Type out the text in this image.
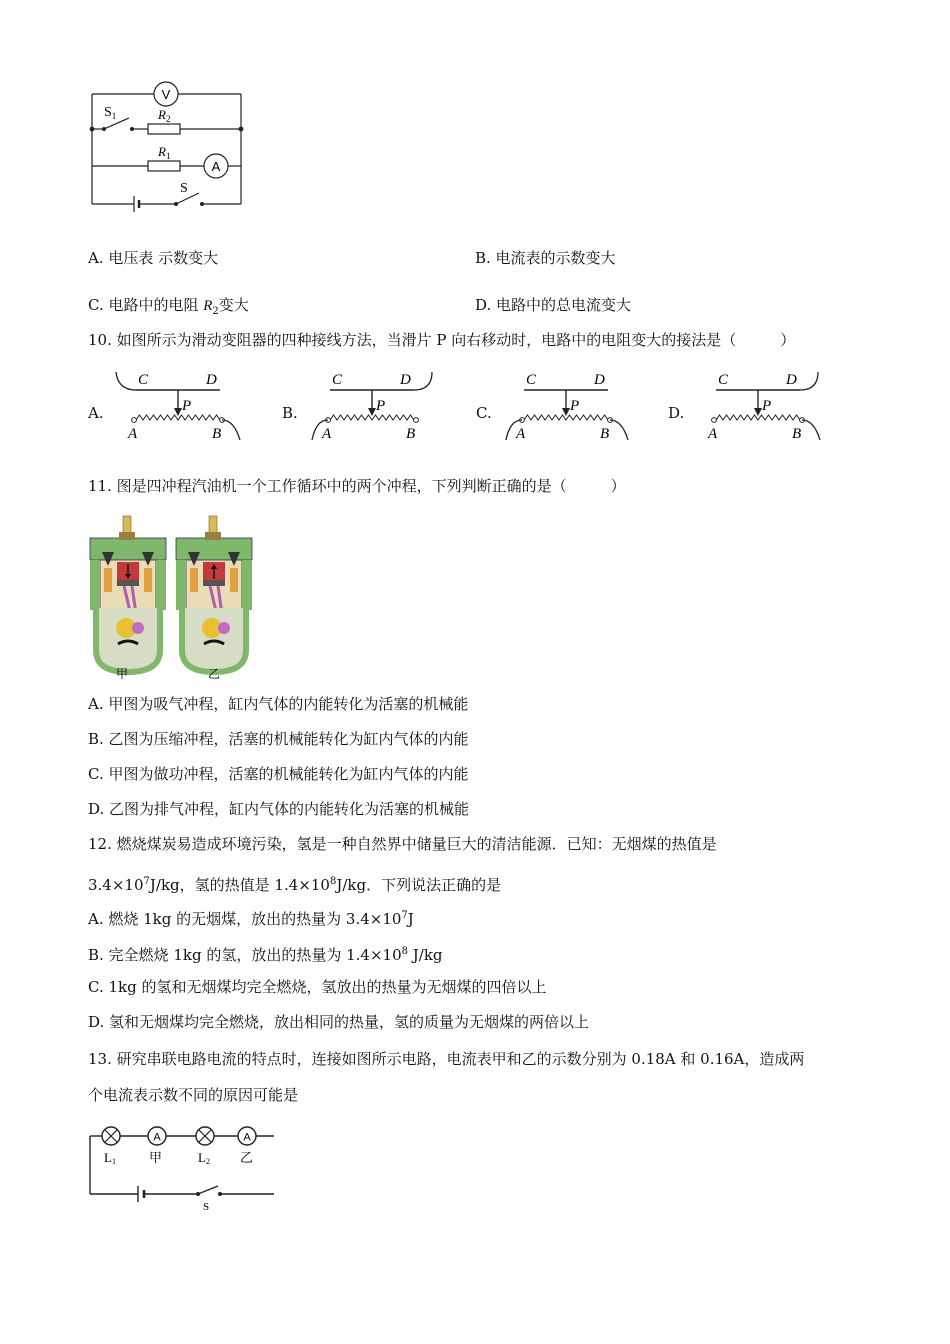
V
A
$S_1$	$R_2$
$R_1$
S
A. 电压表 示数变大	B. 电流表的示数变大
C. 电路中的电阻 $R_2$变大	D. 电路中的总电流变大
10. 如图所示为滑动变阻器的四种接线方法，当滑片 P 向右移动时，电路中的电阻变大的接法是（	）
A.
C	D
P
A	B
B.
C	D
P
A	B
C.
C	D
P
A	B
D.
C	D
P
A	B
11. 图是四冲程汽油机一个工作循环中的两个冲程，下列判断正确的是（	）
甲	乙
A. 甲图为吸气冲程，缸内气体的内能转化为活塞的机械能
B. 乙图为压缩冲程，活塞的机械能转化为缸内气体的内能
C. 甲图为做功冲程，活塞的机械能转化为缸内气体的内能
D. 乙图为排气冲程，缸内气体的内能转化为活塞的机械能
12. 燃烧煤炭易造成环境污染，氢是一种自然界中储量巨大的清洁能源．已知：无烟煤的热值是
$3.4\times 10^7J/kg$，氢的热值是 $1.4\times 10^8J/kg$．下列说法正确的是
A. 燃烧 1kg 的无烟煤，放出的热量为 $3.4\times 10^7J$
B. 完全燃烧 1kg 的氢，放出的热量为 $1.4\times 10^8$ J/kg
C. 1kg 的氢和无烟煤均完全燃烧，氢放出的热量为无烟煤的四倍以上
D. 氢和无烟煤均完全燃烧，放出相同的热量，氢的质量为无烟煤的两倍以上
13. 研究串联电路电流的特点时，连接如图所示电路，电流表甲和乙的示数分别为 0.18A 和 0.16A，造成两
个电流表示数不同的原因可能是
A	A
L1	甲	L2 乙
S
